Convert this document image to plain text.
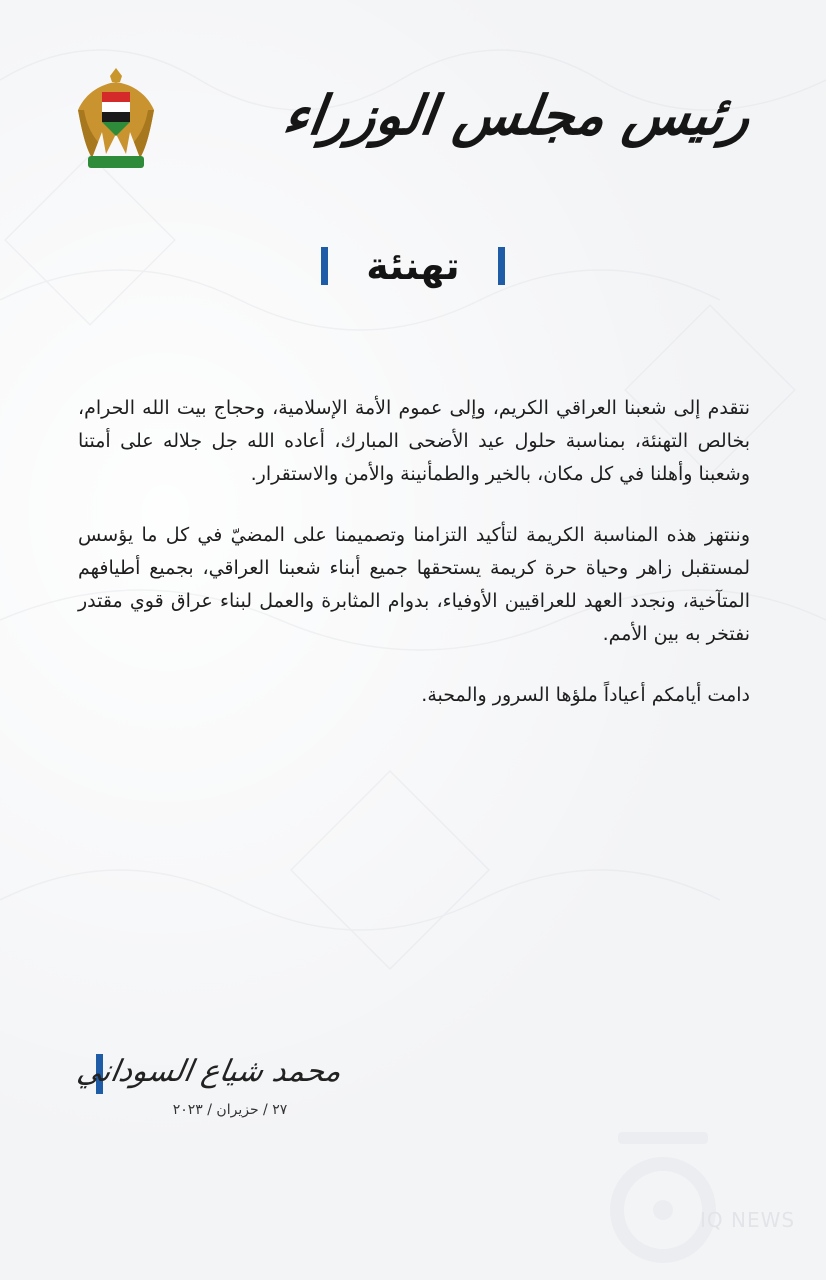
رئيس مجلس الوزراء
تهنئة

نتقدم إلى شعبنا العراقي الكريم، وإلى عموم الأمة الإسلامية، وحجاج بيت الله الحرام، بخالص التهنئة، بمناسبة حلول عيد الأضحى المبارك، أعاده الله جل جلاله على أمتنا وشعبنا وأهلنا في كل مكان، بالخير والطمأنينة والأمن والاستقرار.

وننتهز هذه المناسبة الكريمة لتأكيد التزامنا وتصميمنا على المضيّ في كل ما يؤسس لمستقبل زاهر وحياة حرة كريمة يستحقها جميع أبناء شعبنا العراقي، بجميع أطيافهم المتآخية، ونجدد العهد للعراقيين الأوفياء، بدوام المثابرة والعمل لبناء عراق قوي مقتدر نفتخر به بين الأمم.

دامت أيامكم أعياداً ملؤها السرور والمحبة.

محمد شياع السوداني
٢٧ / حزيران / ٢٠٢٣
IQ NEWS
